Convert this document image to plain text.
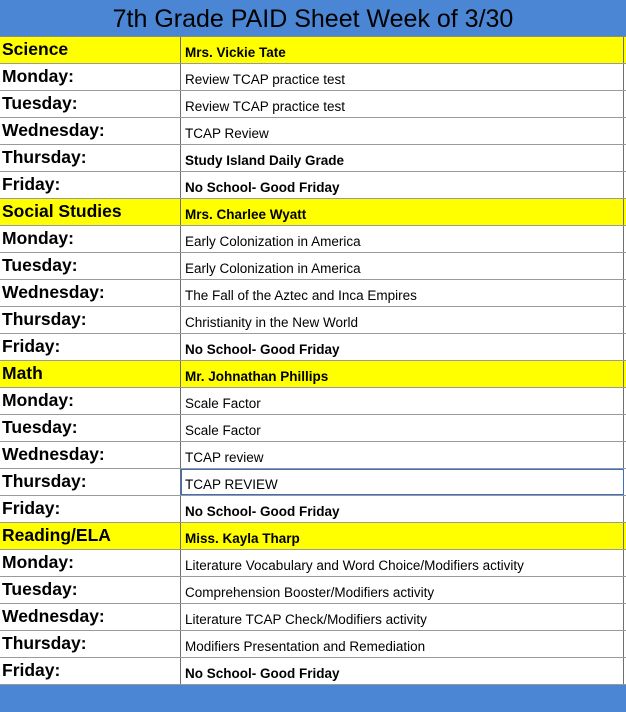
7th Grade PAID Sheet Week of 3/30
Science	Mrs. Vickie Tate
Monday:	Review TCAP practice test
Tuesday:	Review TCAP practice test
Wednesday:	TCAP Review
Thursday:	Study Island Daily Grade
Friday:	No School- Good Friday
Social Studies	Mrs. Charlee Wyatt
Monday:	Early Colonization in America
Tuesday:	Early Colonization in America
Wednesday:	The Fall of the Aztec and Inca Empires
Thursday:	Christianity in the New World
Friday:	No School- Good Friday
Math	Mr. Johnathan Phillips
Monday:	Scale Factor
Tuesday:	Scale Factor
Wednesday:	TCAP review
Thursday:	TCAP REVIEW
Friday:	No School- Good Friday
Reading/ELA	Miss. Kayla Tharp
Monday:	Literature Vocabulary and Word Choice/Modifiers activity
Tuesday:	Comprehension Booster/Modifiers activity
Wednesday:	Literature TCAP Check/Modifiers activity
Thursday:	Modifiers Presentation and Remediation
Friday:	No School- Good Friday
